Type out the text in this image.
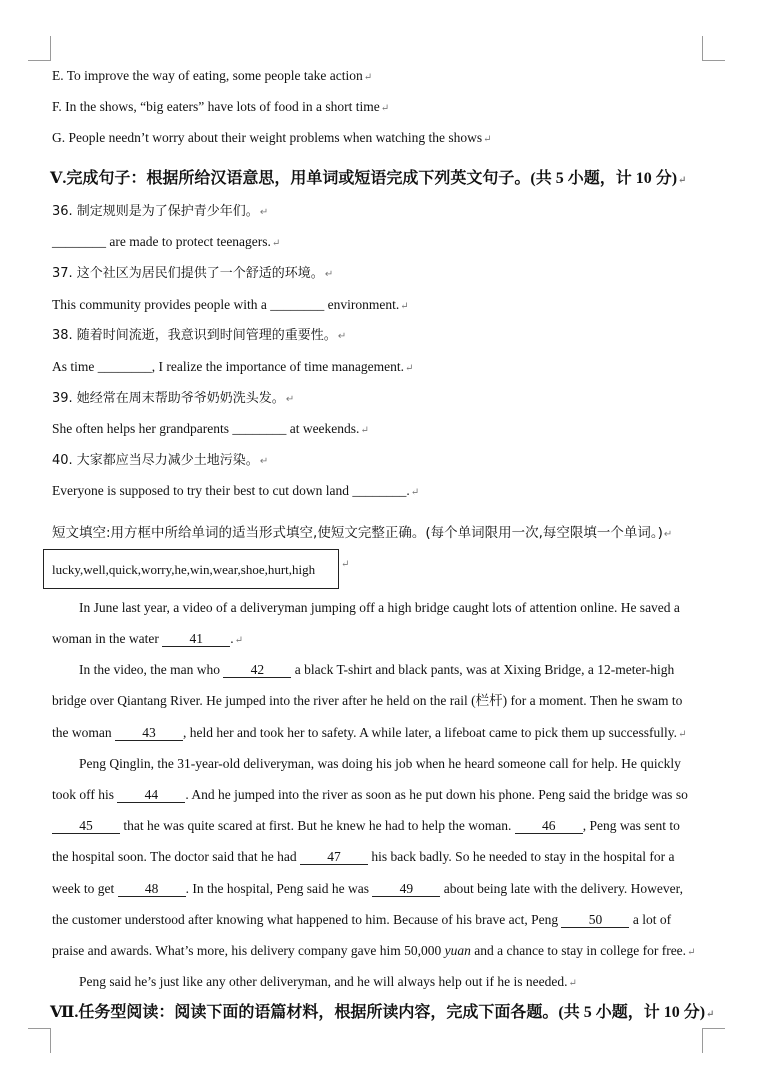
E. To improve the way of eating, some people take action↵
F. In the shows, “big eaters” have lots of food in a short time↵
G. People needn’t worry about their weight problems when watching the shows↵
Ⅴ.完成句子：根据所给汉语意思，用单词或短语完成下列英文句子。(共 5 小题，计 10 分)↵
36. 制定规则是为了保护青少年们。↵
________ are made to protect teenagers.↵
37. 这个社区为居民们提供了一个舒适的环境。↵
This community provides people with a ________ environment.↵
38. 随着时间流逝，我意识到时间管理的重要性。↵
As time ________, I realize the importance of time management.↵
39. 她经常在周末帮助爷爷奶奶洗头发。↵
She often helps her grandparents ________ at weekends.↵
40. 大家都应当尽力减少土地污染。↵
Everyone is supposed to try their best to cut down land ________.↵
短文填空:用方框中所给单词的适当形式填空,使短文完整正确。(每个单词限用一次,每空限填一个单词。)↵
lucky,well,quick,worry,he,win,wear,shoe,hurt,high	↵
In June last year, a video of a deliveryman jumping off a high bridge caught lots of attention online. He saved a
woman in the water 41 .↵
In the video, the man who 42 a black T-shirt and black pants, was at Xixing Bridge, a 12-meter-high
bridge over Qiantang River. He jumped into the river after he held on the rail (栏杆) for a moment. Then he swam to
the woman 43 , held her and took her to safety. A while later, a lifeboat came to pick them up successfully.↵
Peng Qinglin, the 31-year-old deliveryman, was doing his job when he heard someone call for help. He quickly
took off his 44 . And he jumped into the river as soon as he put down his phone. Peng said the bridge was so
45 that he was quite scared at first. But he knew he had to help the woman. 46 , Peng was sent to
the hospital soon. The doctor said that he had 47 his back badly. So he needed to stay in the hospital for a
week to get 48 . In the hospital, Peng said he was 49 about being late with the delivery. However,
the customer understood after knowing what happened to him. Because of his brave act, Peng 50 a lot of
praise and awards. What’s more, his delivery company gave him 50,000 yuan and a chance to stay in college for free.↵
Peng said he’s just like any other deliveryman, and he will always help out if he is needed.↵
Ⅶ.任务型阅读：阅读下面的语篇材料，根据所读内容，完成下面各题。(共 5 小题，计 10 分)↵
